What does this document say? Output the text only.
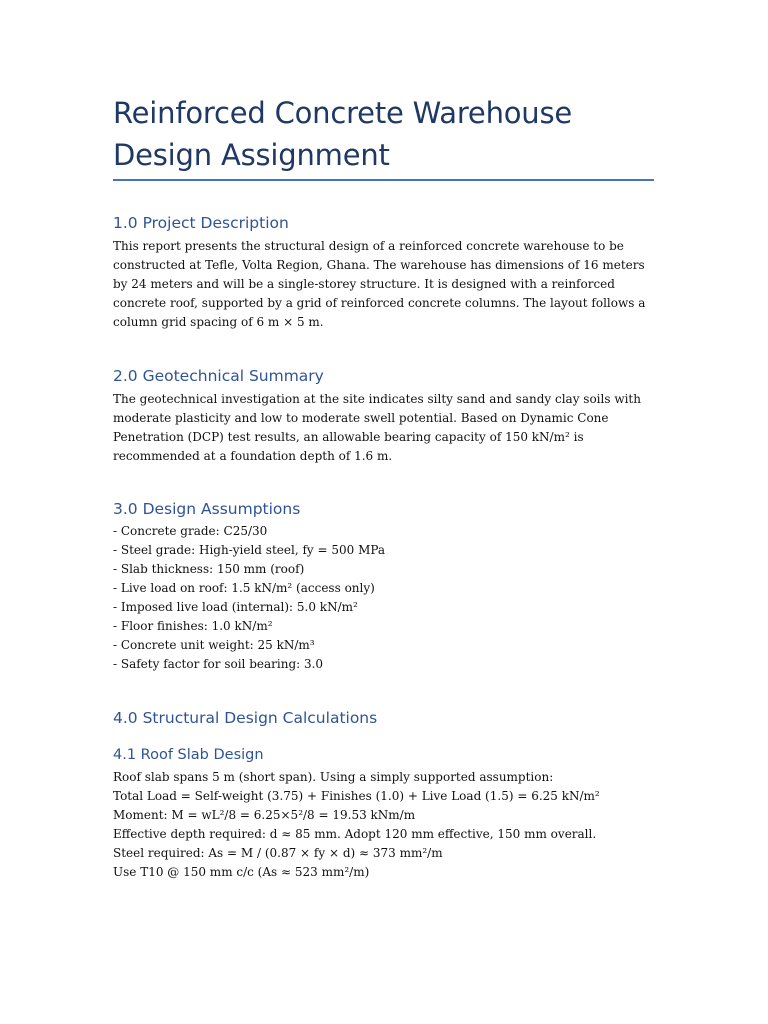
Reinforced Concrete Warehouse Design Assignment
1.0 Project Description

This report presents the structural design of a reinforced concrete warehouse to be constructed at Tefle, Volta Region, Ghana. The warehouse has dimensions of 16 meters by 24 meters and will be a single-storey structure. It is designed with a reinforced concrete roof, supported by a grid of reinforced concrete columns. The layout follows a column grid spacing of 6 m × 5 m.

2.0 Geotechnical Summary

The geotechnical investigation at the site indicates silty sand and sandy clay soils with moderate plasticity and low to moderate swell potential. Based on Dynamic Cone Penetration (DCP) test results, an allowable bearing capacity of 150 kN/m² is recommended at a foundation depth of 1.6 m.

3.0 Design Assumptions
- Concrete grade: C25/30
- Steel grade: High-yield steel, fy = 500 MPa
- Slab thickness: 150 mm (roof)
- Live load on roof: 1.5 kN/m² (access only)
- Imposed live load (internal): 5.0 kN/m²
- Floor finishes: 1.0 kN/m²
- Concrete unit weight: 25 kN/m³
- Safety factor for soil bearing: 3.0
4.0 Structural Design Calculations
4.1 Roof Slab Design
Roof slab spans 5 m (short span). Using a simply supported assumption:
Total Load = Self-weight (3.75) + Finishes (1.0) + Live Load (1.5) = 6.25 kN/m²
Moment: M = wL²/8 = 6.25×5²/8 = 19.53 kNm/m
Effective depth required: d ≈ 85 mm. Adopt 120 mm effective, 150 mm overall.
Steel required: As = M / (0.87 × fy × d) ≈ 373 mm²/m
Use T10 @ 150 mm c/c (As ≈ 523 mm²/m)
